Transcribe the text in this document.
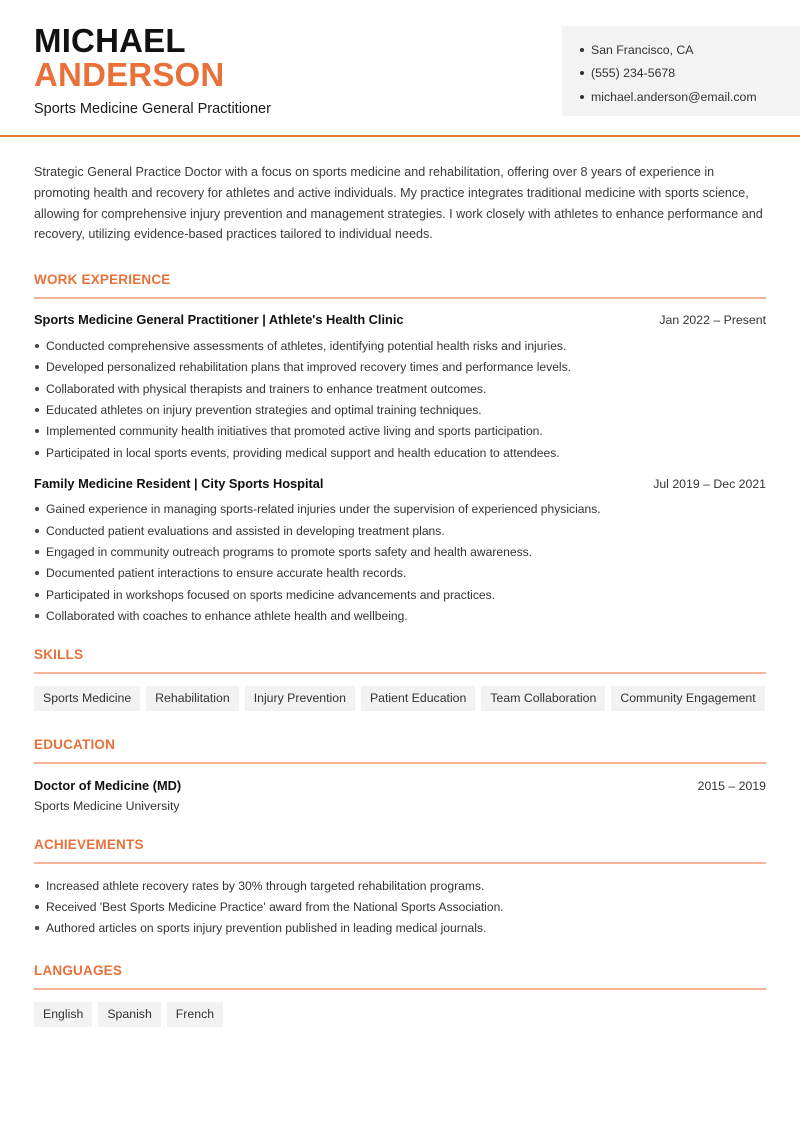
MICHAEL
ANDERSON
Sports Medicine General Practitioner
San Francisco, CA
(555) 234-5678
michael.anderson@email.com

Strategic General Practice Doctor with a focus on sports medicine and rehabilitation, offering over 8 years of experience in promoting health and recovery for athletes and active individuals. My practice integrates traditional medicine with sports science, allowing for comprehensive injury prevention and management strategies. I work closely with athletes to enhance performance and recovery, utilizing evidence-based practices tailored to individual needs.

WORK EXPERIENCE
Sports Medicine General Practitioner | Athlete's Health Clinic	Jan 2022 – Present
Conducted comprehensive assessments of athletes, identifying potential health risks and injuries.
Developed personalized rehabilitation plans that improved recovery times and performance levels.
Collaborated with physical therapists and trainers to enhance treatment outcomes.
Educated athletes on injury prevention strategies and optimal training techniques.
Implemented community health initiatives that promoted active living and sports participation.
Participated in local sports events, providing medical support and health education to attendees.
Family Medicine Resident | City Sports Hospital	Jul 2019 – Dec 2021
Gained experience in managing sports-related injuries under the supervision of experienced physicians.
Conducted patient evaluations and assisted in developing treatment plans.
Engaged in community outreach programs to promote sports safety and health awareness.
Documented patient interactions to ensure accurate health records.
Participated in workshops focused on sports medicine advancements and practices.
Collaborated with coaches to enhance athlete health and wellbeing.
SKILLS
Sports Medicine	Rehabilitation	Injury Prevention	Patient Education	Team Collaboration	Community Engagement
EDUCATION
Doctor of Medicine (MD)	2015 – 2019
Sports Medicine University
ACHIEVEMENTS
Increased athlete recovery rates by 30% through targeted rehabilitation programs.
Received 'Best Sports Medicine Practice' award from the National Sports Association.
Authored articles on sports injury prevention published in leading medical journals.
LANGUAGES
English	Spanish	French
